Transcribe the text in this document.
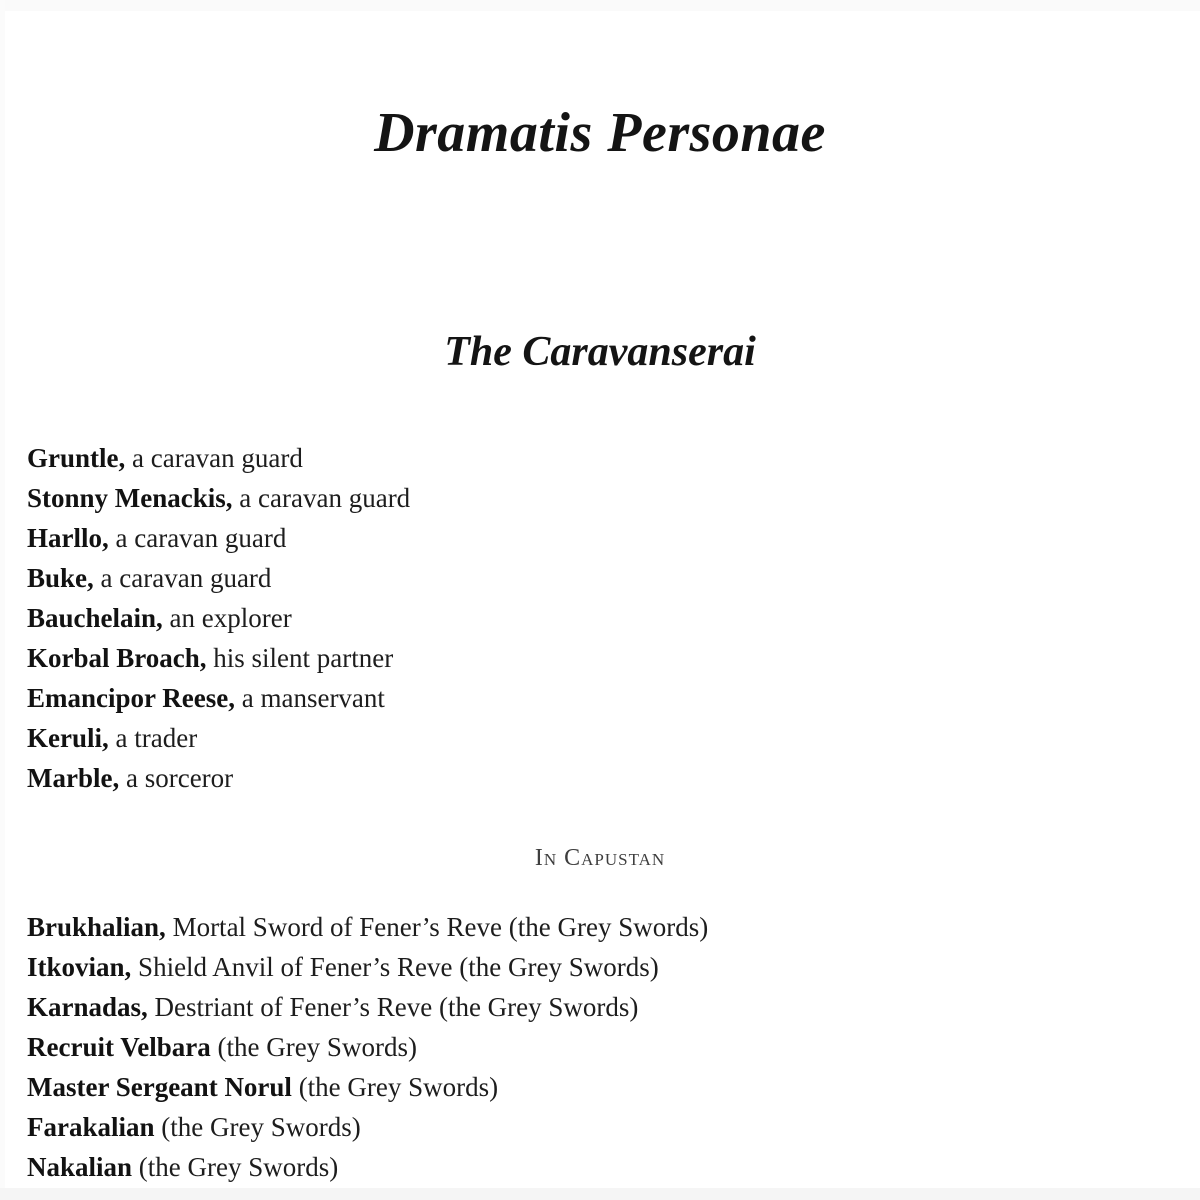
Dramatis Personae
The Caravanserai
Gruntle, a caravan guard
Stonny Menackis, a caravan guard
Harllo, a caravan guard
Buke, a caravan guard
Bauchelain, an explorer
Korbal Broach, his silent partner
Emancipor Reese, a manservant
Keruli, a trader
Marble, a sorceror
In Capustan
Brukhalian, Mortal Sword of Fener’s Reve (the Grey Swords)
Itkovian, Shield Anvil of Fener’s Reve (the Grey Swords)
Karnadas, Destriant of Fener’s Reve (the Grey Swords)
Recruit Velbara (the Grey Swords)
Master Sergeant Norul (the Grey Swords)
Farakalian (the Grey Swords)
Nakalian (the Grey Swords)
